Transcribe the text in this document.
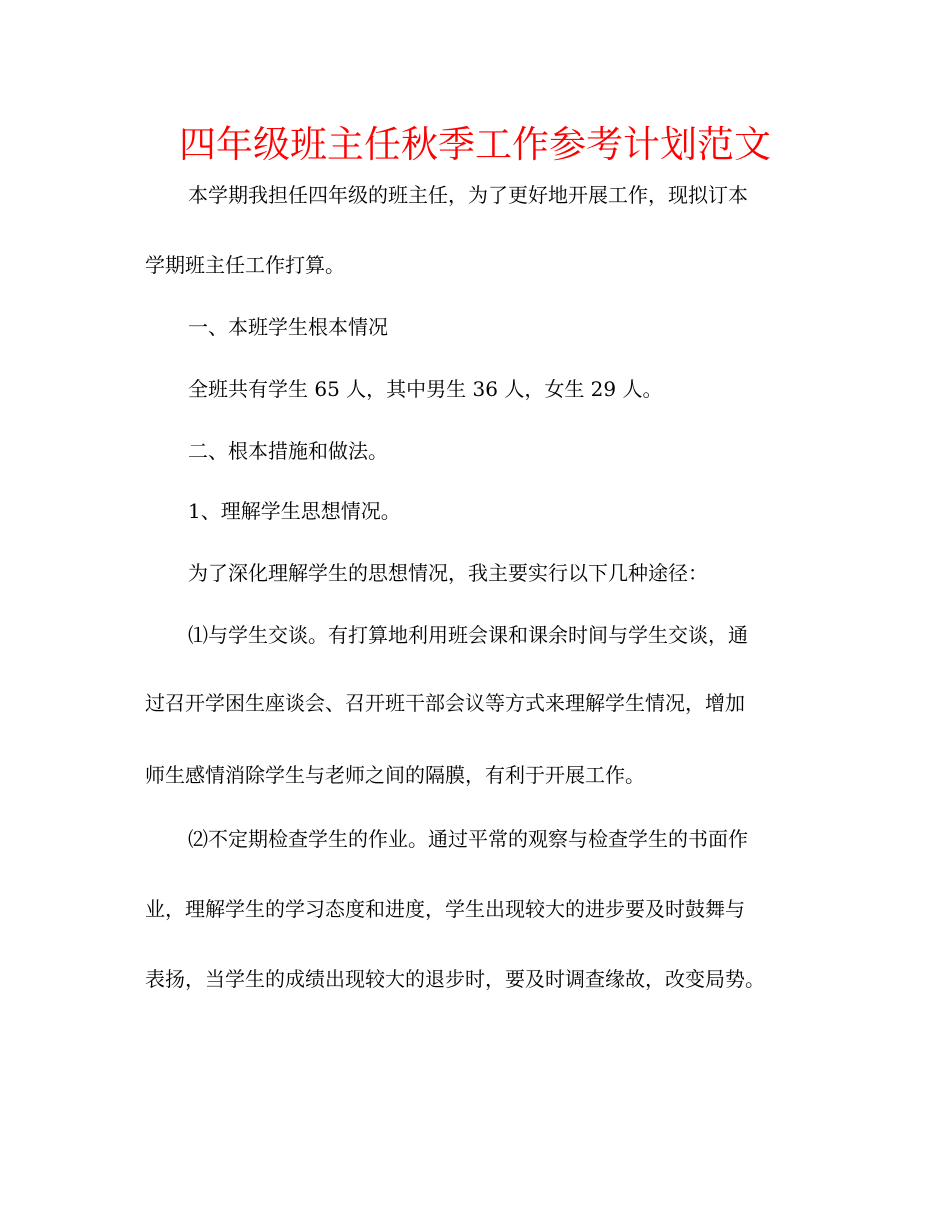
四年级班主任秋季工作参考计划范文

本学期我担任四年级的班主任，为了更好地开展工作，现拟订本

学期班主任工作打算。

一、本班学生根本情况

全班共有学生 65 人，其中男生 36 人，女生 29 人。

二、根本措施和做法。

1、理解学生思想情况。

为了深化理解学生的思想情况，我主要实行以下几种途径：

⑴与学生交谈。有打算地利用班会课和课余时间与学生交谈，通

过召开学困生座谈会、召开班干部会议等方式来理解学生情况，增加

师生感情消除学生与老师之间的隔膜，有利于开展工作。

⑵不定期检查学生的作业。通过平常的观察与检查学生的书面作

业，理解学生的学习态度和进度，学生出现较大的进步要及时鼓舞与

表扬，当学生的成绩出现较大的退步时，要及时调查缘故，改变局势。
